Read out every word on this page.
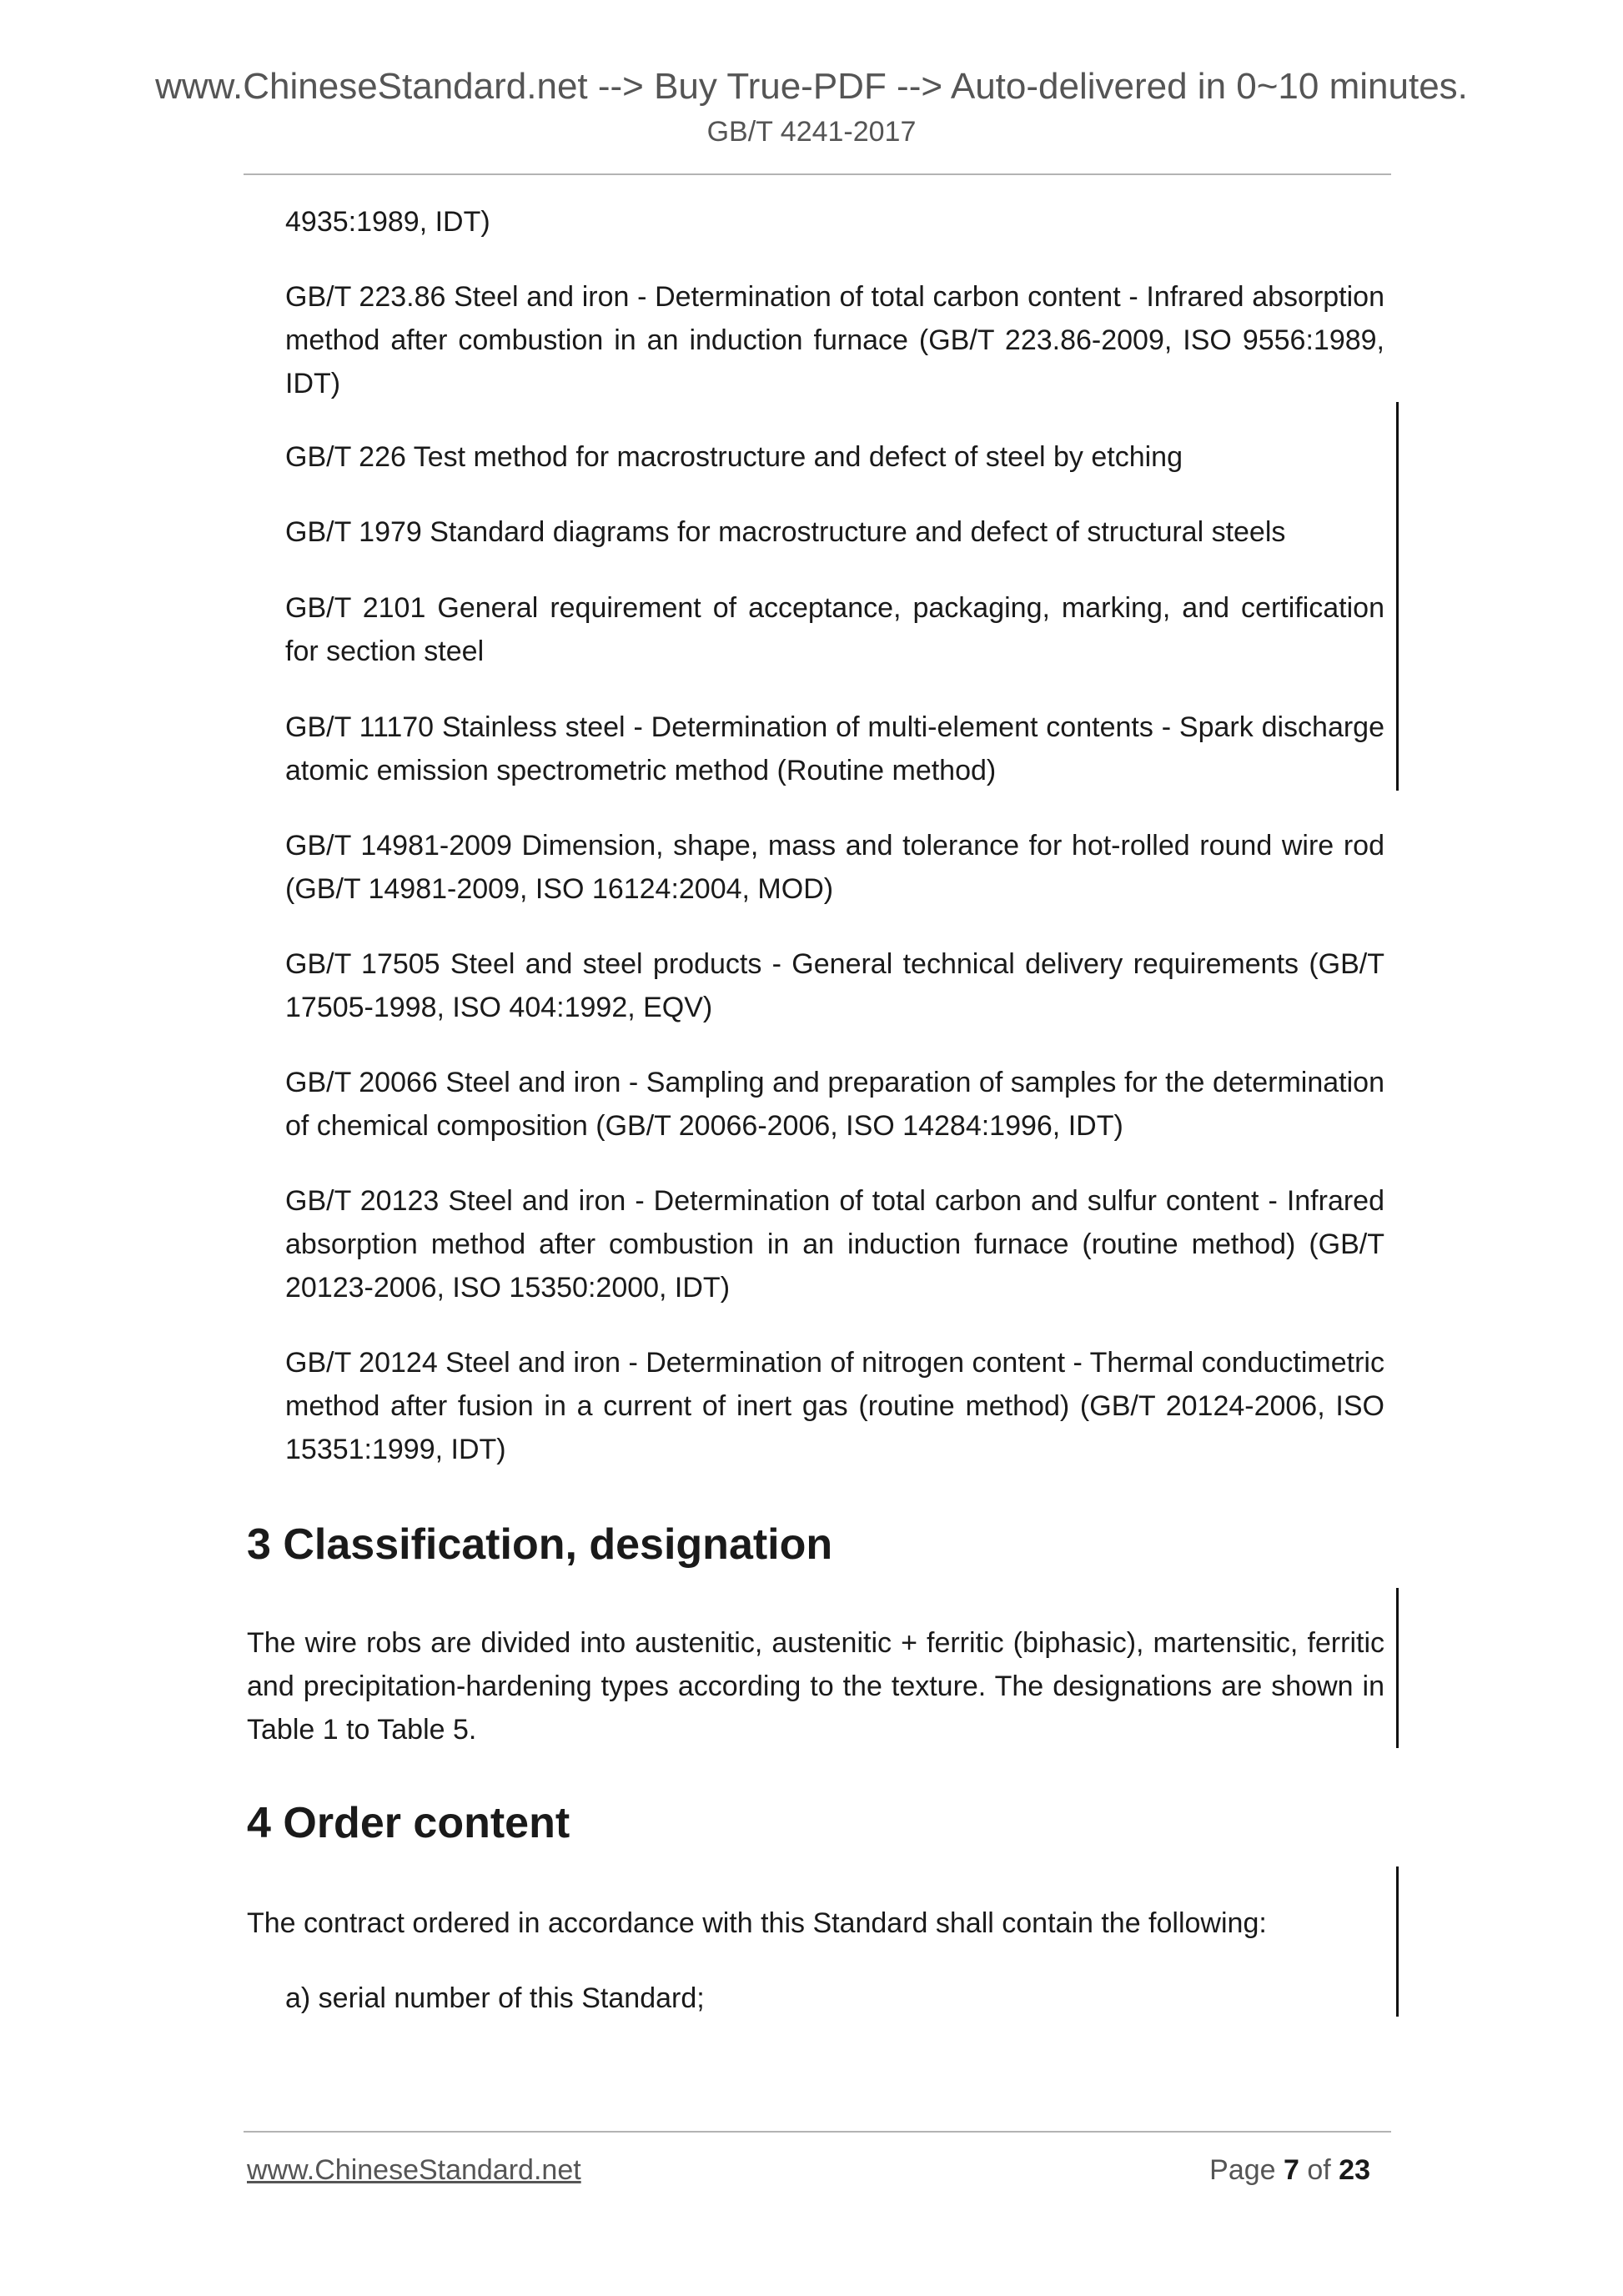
www.ChineseStandard.net --> Buy True-PDF --> Auto-delivered in 0~10 minutes.
GB/T 4241-2017

4935:1989, IDT)

GB/T 223.86 Steel and iron - Determination of total carbon content - Infrared absorption method after combustion in an induction furnace (GB/T 223.86-2009, ISO 9556:1989, IDT)

GB/T 226 Test method for macrostructure and defect of steel by etching

GB/T 1979 Standard diagrams for macrostructure and defect of structural steels

GB/T 2101 General requirement of acceptance, packaging, marking, and certification for section steel

GB/T 11170 Stainless steel - Determination of multi-element contents - Spark discharge atomic emission spectrometric method (Routine method)

GB/T 14981-2009 Dimension, shape, mass and tolerance for hot-rolled round wire rod (GB/T 14981-2009, ISO 16124:2004, MOD)

GB/T 17505 Steel and steel products - General technical delivery requirements (GB/T 17505-1998, ISO 404:1992, EQV)

GB/T 20066 Steel and iron - Sampling and preparation of samples for the determination of chemical composition (GB/T 20066-2006, ISO 14284:1996, IDT)

GB/T 20123 Steel and iron - Determination of total carbon and sulfur content - Infrared absorption method after combustion in an induction furnace (routine method) (GB/T 20123-2006, ISO 15350:2000, IDT)

GB/T 20124 Steel and iron - Determination of nitrogen content - Thermal conductimetric method after fusion in a current of inert gas (routine method) (GB/T 20124-2006, ISO 15351:1999, IDT)

3 Classification, designation

The wire robs are divided into austenitic, austenitic + ferritic (biphasic), martensitic, ferritic and precipitation-hardening types according to the texture. The designations are shown in Table 1 to Table 5.

4 Order content

The contract ordered in accordance with this Standard shall contain the following:

a) serial number of this Standard;

www.ChineseStandard.net	Page 7 of 23
